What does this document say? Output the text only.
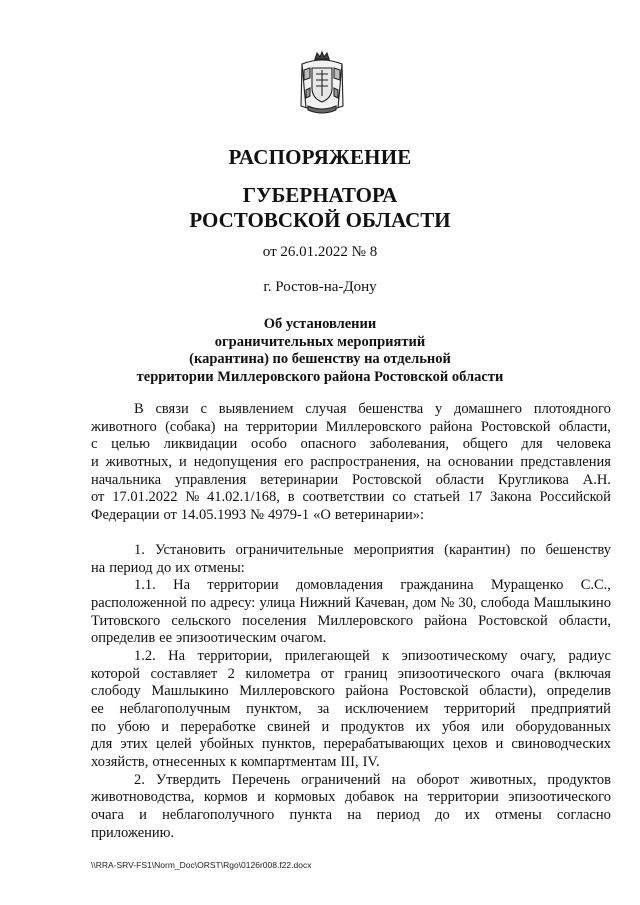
РАСПОРЯЖЕНИЕ
ГУБЕРНАТОРА
РОСТОВСКОЙ ОБЛАСТИ
от 26.01.2022 № 8
г. Ростов-на-Дону
Об установлении
ограничительных мероприятий
(карантина) по бешенству на отдельной
территории Миллеровского района Ростовской области
В связи с выявлением случая бешенства у домашнего плотоядного
животного (собака) на территории Миллеровского района Ростовской области,
с целью ликвидации особо опасного заболевания, общего для человека
и животных, и недопущения его распространения, на основании представления
начальника управления ветеринарии Ростовской области Кругликова А.Н.
от 17.01.2022 № 41.02.1/168, в соответствии со статьей 17 Закона Российской
Федерации от 14.05.1993 № 4979-1 «О ветеринарии»:
1. Установить ограничительные мероприятия (карантин) по бешенству
на период до их отмены:
1.1. На территории домовладения гражданина Муращенко С.С.,
расположенной по адресу: улица Нижний Качеван, дом № 30, слобода Машлыкино
Титовского сельского поселения Миллеровского района Ростовской области,
определив ее эпизоотическим очагом.
1.2. На территории, прилегающей к эпизоотическому очагу, радиус
которой составляет 2 километра от границ эпизоотического очага (включая
слободу Машлыкино Миллеровского района Ростовской области), определив
ее неблагополучным пунктом, за исключением территорий предприятий
по убою и переработке свиней и продуктов их убоя или оборудованных
для этих целей убойных пунктов, перерабатывающих цехов и свиноводческих
хозяйств, отнесенных к компартментам III, IV.
2. Утвердить Перечень ограничений на оборот животных, продуктов
животноводства, кормов и кормовых добавок на территории эпизоотического
очага и неблагополучного пункта на период до их отмены согласно
приложению.
\\RRA-SRV-FS1\Norm_Doc\ORST\Rgo\0126r008.f22.docx
